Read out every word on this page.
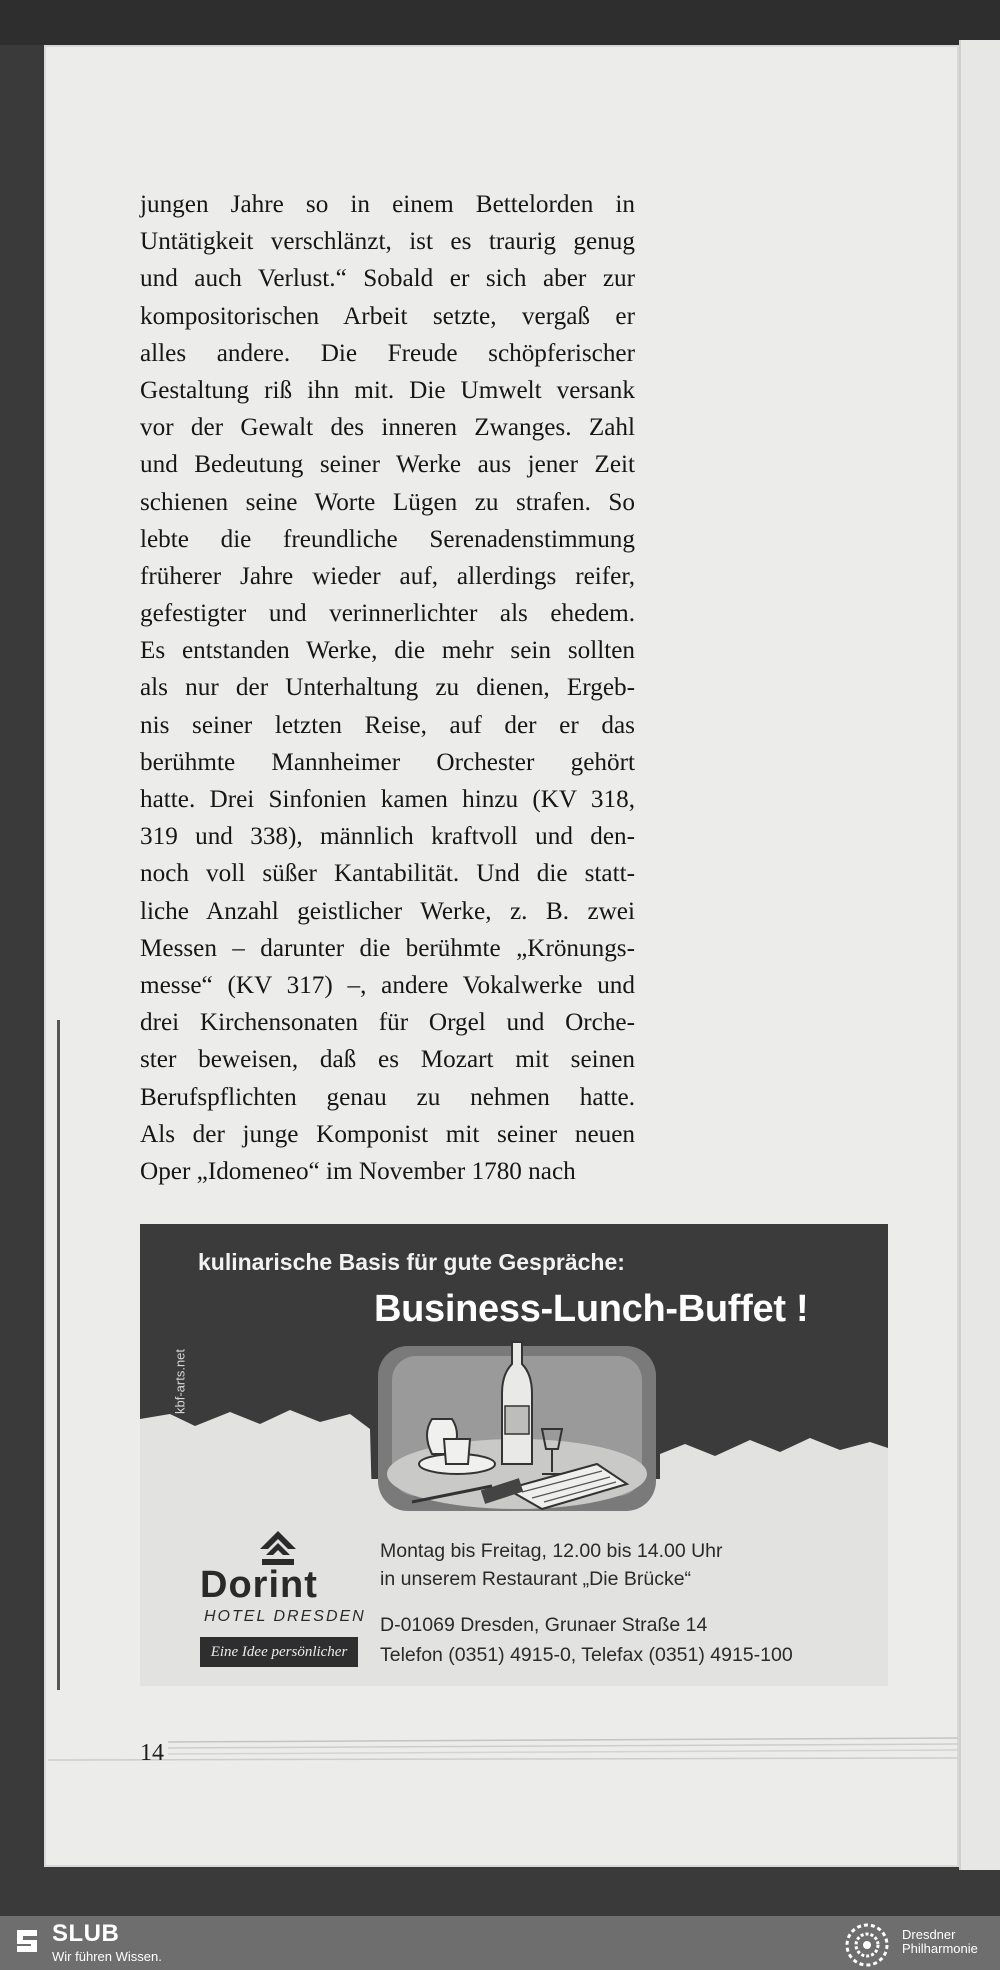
jungen Jahre so in einem Bettelorden in
Untätigkeit verschlänzt, ist es traurig genug
und auch Verlust.“ Sobald er sich aber zur
kompositorischen Arbeit setzte, vergaß er
alles andere. Die Freude schöpferischer
Gestaltung riß ihn mit. Die Umwelt versank
vor der Gewalt des inneren Zwanges. Zahl
und Bedeutung seiner Werke aus jener Zeit
schienen seine Worte Lügen zu strafen. So
lebte die freundliche Serenadenstimmung
früherer Jahre wieder auf, allerdings reifer,
gefestigter und verinnerlichter als ehedem.
Es entstanden Werke, die mehr sein sollten
als nur der Unterhaltung zu dienen, Ergeb-
nis seiner letzten Reise, auf der er das
berühmte Mannheimer Orchester gehört
hatte. Drei Sinfonien kamen hinzu (KV 318,
319 und 338), männlich kraftvoll und den-
noch voll süßer Kantabilität. Und die statt-
liche Anzahl geistlicher Werke, z. B. zwei
Messen – darunter die berühmte „Krönungs-
messe“ (KV 317) –, andere Vokalwerke und
drei Kirchensonaten für Orgel und Orche-
ster beweisen, daß es Mozart mit seinen
Berufspflichten genau zu nehmen hatte.
Als der junge Komponist mit seiner neuen
Oper „Idomeneo“ im November 1780 nach
kulinarische Basis für gute Gespräche:
Business-Lunch-Buffet !
kbf-arts.net
Dorint
HOTEL DRESDEN
Eine Idee persönlicher
Montag bis Freitag, 12.00 bis 14.00 Uhr
in unserem Restaurant „Die Brücke“
D-01069 Dresden, Grunaer Straße 14
Telefon (0351) 4915-0, Telefax (0351) 4915-100
14
SLUB
Wir führen Wissen.
Dresdner Philharmonie
